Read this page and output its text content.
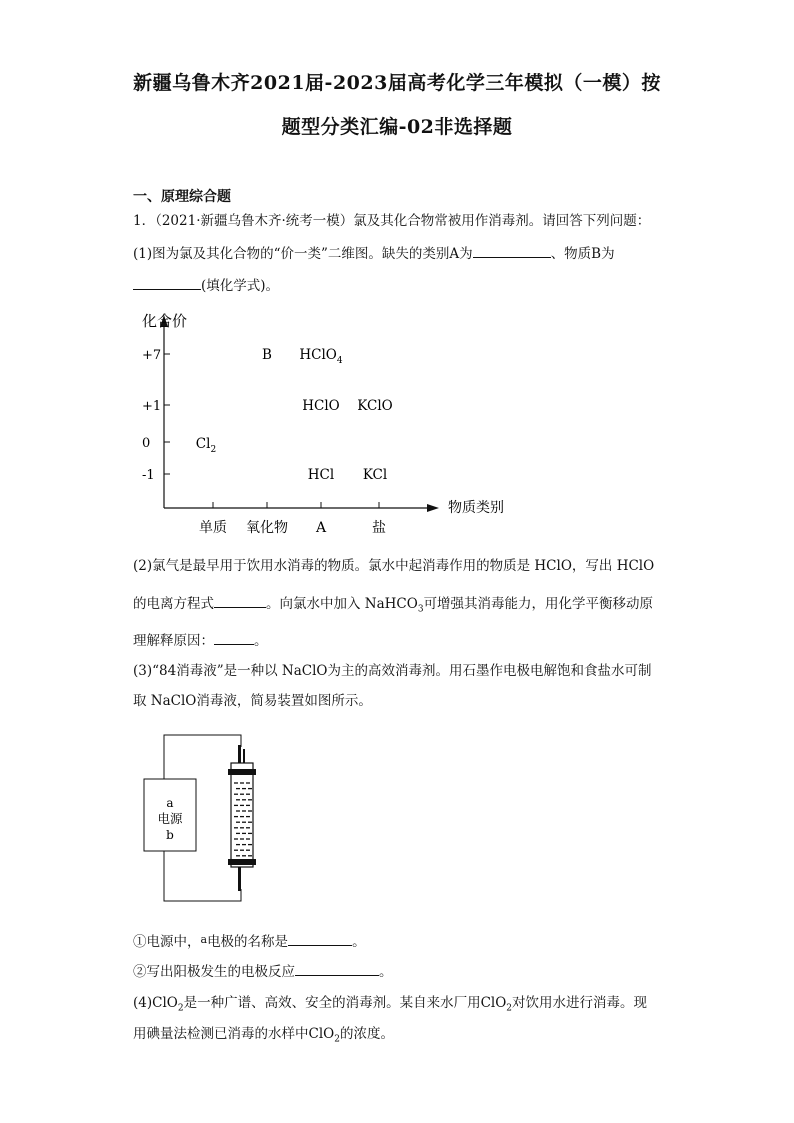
新疆乌鲁木齐2021届-2023届高考化学三年模拟（一模）按
题型分类汇编-02非选择题
一、原理综合题
1．（2021·新疆乌鲁木齐·统考一模）氯及其化合物常被用作消毒剂。请回答下列问题：
(1)图为氯及其化合物的“价一类”二维图。缺失的类别A为	、物质B为
(填化学式)。
化合价
物质类别
+7
+1
0
-1
单质 氧化物 A	盐
B HClO$_4$
HClO KClO
$Cl_2$
HCl KCl
(2)氯气是最早用于饮用水消毒的物质。氯水中起消毒作用的物质是 HClO，写出 HClO
的电离方程式	。向氯水中加入 NaHCO$_3$可增强其消毒能力，用化学平衡移动原
理解释原因：	。
(3)“84消毒液”是一种以 NaClO为主的高效消毒剂。用石墨作电极电解饱和食盐水可制
取 NaClO消毒液，简易装置如图所示。
a
电源
b
①电源中，$^a$电极的名称是	。
②写出阳极发生的电极反应	。
(4)ClO$_2$是一种广谱、高效、安全的消毒剂。某自来水厂用ClO$_2$对饮用水进行消毒。现
用碘量法检测已消毒的水样中ClO$_2$的浓度。
